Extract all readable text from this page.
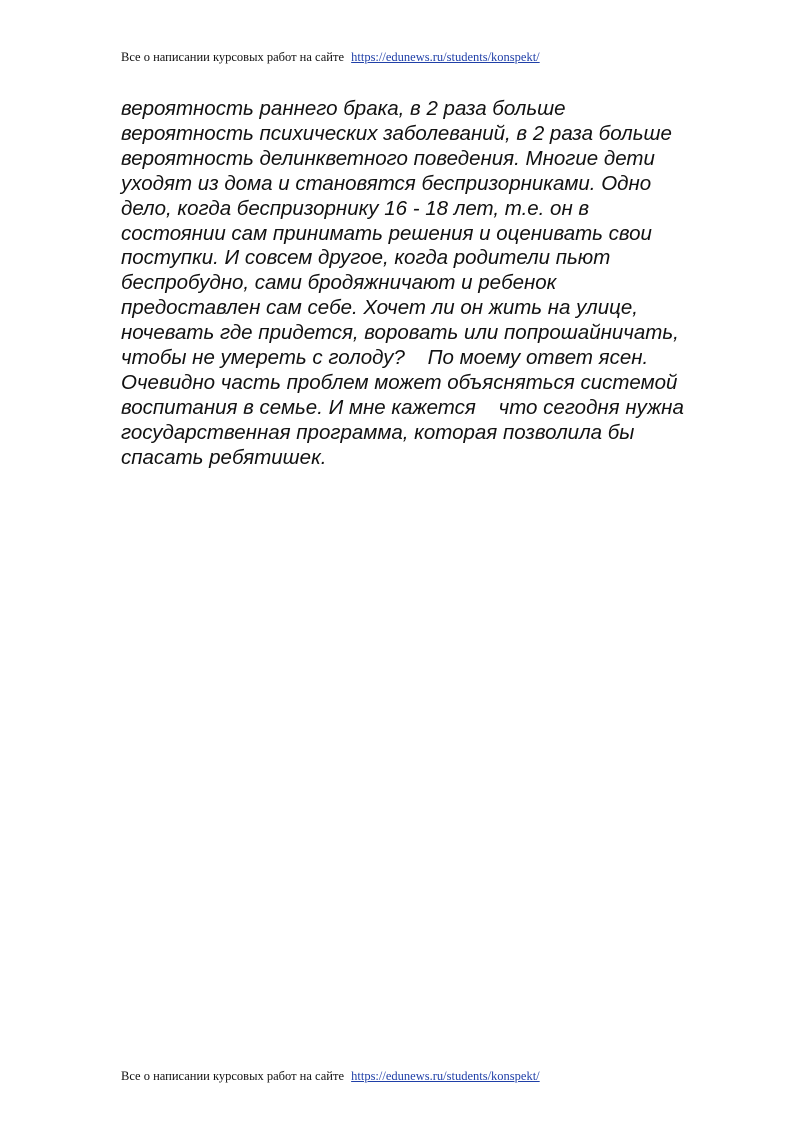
Все о написании курсовых работ на сайте https://edunews.ru/students/konspekt/
вероятность раннего брака, в 2 раза больше
вероятность психических заболеваний, в 2 раза больше
вероятность делинкветного поведения. Многие дети
уходят из дома и становятся беспризорниками. Одно
дело, когда беспризорнику 16 - 18 лет, т.е. он в
состоянии сам принимать решения и оценивать свои
поступки. И совсем другое, когда родители пьют
беспробудно, сами бродяжничают и ребенок
предоставлен сам себе. Хочет ли он жить на улице,
ночевать где придется, воровать или попрошайничать,
чтобы не умереть с голоду?    По моему ответ ясен.
Очевидно часть проблем может объясняться системой
воспитания в семье. И мне кажется    что сегодня нужна
государственная программа, которая позволила бы
спасать ребятишек.
Все о написании курсовых работ на сайте https://edunews.ru/students/konspekt/
